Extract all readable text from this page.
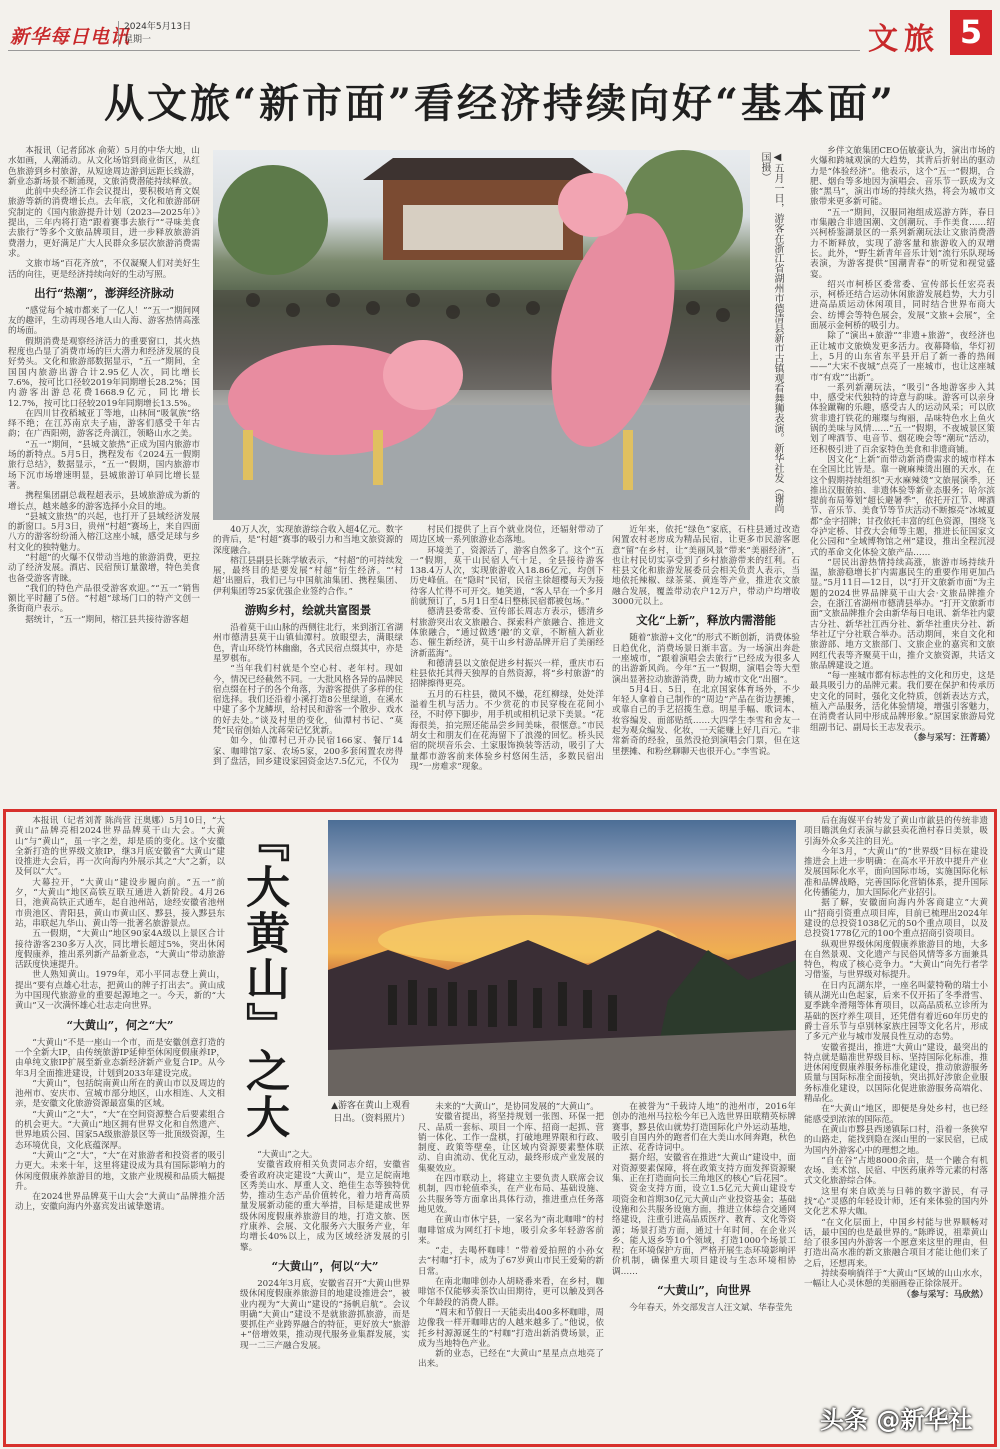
新华每日电讯
2024年5月13日
星期一	文旅 5
从文旅“新市面”看经济持续向好“基本面”
◀五月一日，游客在浙江省湖州市德清县新市古镇观看舞狮表演。新华社发（谢尚国摄）

本报讯（记者邱冰 俞菀）5月的中华大地，山水如画，人潮涌动。从文化场馆到商业街区，从红色旅游到乡村旅游，从短途周边游到远距长线游，新业态新场景不断涌现，文旅消费潜能持续释放。

此前中央经济工作会议提出，要积极培育文娱旅游等新的消费增长点。去年底，文化和旅游部研究制定的《国内旅游提升计划（2023—2025年）》提出，三年内将打造“跟着赛事去旅行”“寻味美食去旅行”等多个文旅品牌项目，进一步释放旅游消费潜力，更好满足广大人民群众多层次旅游消费需求。

文旅市场“百花齐放”，不仅凝聚人们对美好生活的向往，更是经济持续向好的生动写照。

出行“热潮”，澎湃经济脉动

“感觉每个城市都来了一亿人！”“五一”期间网友的趣评，生动再现各地人山人海、游客热情高涨的场面。

假期消费是观察经济活力的重要窗口，其火热程度也凸显了消费市场的巨大潜力和经济发展的良好势头。文化和旅游部数据显示，“五一”期间，全国国内旅游出游合计2.95亿人次，同比增长7.6%，按可比口径较2019年同期增长28.2%；国内游客出游总花费1668.9亿元，同比增长12.7%，按可比口径较2019年同期增长13.5%。

在四川甘孜稻城亚丁等地，山林间“吸氧族”络绎不绝；在江苏南京夫子庙，游客们感受千年古韵；在广西阳朔，游客泛舟漓江，领略山水之美。

“五一”期间，“县城文旅热”正成为国内旅游市场的新特点。5月5日，携程发布《2024五一假期旅行总结》，数据显示，“五一”假期，国内旅游市场下沉市场增速明显，县城旅游订单同比增长显著。

携程集团副总裁程超表示，县域旅游成为新的增长点，越来越多的游客选择小众目的地。

“县城文旅热”的兴起，也打开了县域经济发展的新窗口。5月3日，贵州“村超”赛场上，来自四面八方的游客纷纷涌入榕江这座小城，感受足球与乡村文化的独特魅力。

“村超”的火爆不仅带动当地的旅游消费，更拉动了经济发展。酒店、民宿预订量激增，特色美食也备受游客青睐。

“我们的特色产品很受游客欢迎。”“五一”销售额比平时翻了5倍。“村超”球场门口的特产文创一条街商户表示。

据统计，“五一”期间，榕江县共接待游客超

40万人次，实现旅游综合收入超4亿元。数字的背后，是“村超”赛事的吸引力和当地文旅资源的深度融合。

榕江县副县长陈学敏表示，“村超”的可持续发展，最终目的是要发展“村超”衍生经济。“‘村超’出圈后，我们已与中国航油集团、携程集团、伊利集团等25家优强企业签约合作。”

游购乡村，绘就共富图景

沿着莫干山山脉的西侧往北行，来到浙江省湖州市德清县莫干山镇仙潭村。放眼望去，满眼绿色，青山环绕竹林幽幽，各式民宿点缀其中，亦是星罗棋布。

“当年我们村就是个空心村、老年村。现如今，情况已经截然不同。一大批风格各异的品牌民宿点缀在村子的各个角落，为游客提供了多样的住宿选择。我们还沿着小溪打造8公里绿道，在溪水中建了多个龙鳞坝，给村民和游客一个散步、戏水的好去处。”谈及村里的变化，仙潭村书记、“莫梵”民宿创始人沈蒋荣记忆犹新。

如今，仙潭村已开办民宿166家、餐厅14家、咖啡馆7家、农场5家，200多套闲置农房得到了盘活，回乡建设家园资金达7.5亿元，不仅为

村民们提供了上百个就业岗位，还辐射带动了周边区域一系列旅游业态落地。

环境美了，资源活了，游客自然多了。这个“五一”假期，莫干山民宿人气十足，全县接待游客138.4万人次，实现旅游收入18.86亿元，均创下历史峰值。在“隐时”民宿，民宿主徐超樱每天为接待客人忙得不可开交。她笑道，“客人早在一个多月前就预订了，5月1日至4日整栋民宿都被包场。”

德清县委常委、宣传部长周志方表示，德清乡村旅游突出农文旅融合、探索科产旅融合、推进文体旅融合，“通过做透‘融’的文章，不断植入新业态、催生新经济，莫干山乡村游品牌开启了美丽经济新蓝海”。

和德清县以文旅促进乡村振兴一样，重庆市石柱县依托其得天独厚的自然资源，将“乡村旅游”的招牌擦得更亮。

五月的石柱县，微风不燥，花红柳绿，处处洋溢着生机与活力。不少赏花的市民穿梭在花间小径，不时停下脚步，用手机或相机记录下美景。“花海很美，拍完照还能品尝乡间美味，很惬意。”市民胡女士和朋友们在花海留下了浪漫的回忆。桥头民宿的院坝音乐会、土家服饰换装等活动，吸引了大量都市游客前来体验乡村悠闲生活，多数民宿出现“一房难求”现象。

近年来，依托“绿色”家底，石柱县通过改造闲置农村老房成为精品民宿，让更多市民游客愿意“留”在乡村，让“美丽风景”带来“美丽经济”，也让村民切实享受到了乡村旅游带来的红利。石柱县文化和旅游发展委员会相关负责人表示，当地依托辣椒、绿茶菜、黄连等产业，推进农文旅融合发展，覆盖带动农户12万户，带动户均增收3000元以上。

文化“上新”，释放内需潜能

随着“旅游+文化”的形式不断创新，消费体验日趋优化，消费场景日渐丰富。为一场演出奔赴一座城市，“跟着演唱会去旅行”已经成为很多人的出游新风尚。今年“五一”假期，演唱会等大型演出显著拉动旅游消费，助力城市文化“出圈”。

5月4日、5日，在北京国家体育场外，不少年轻人拿着自己制作的“周边”产品在街边摆摊，或靠自己的手艺招揽生意。明星手幅、歌词本、妆容编发、面部贴纸……大四学生李雪和舍友一起为观众编发、化妆，一天能赚上好几百元。“非常新奇的经验，虽然没抢到演唱会门票，但在这里摆摊、和粉丝聊聊天也很开心。”李雪说。

乡伴文旅集团CEO伍敏豪认为，演出市场的火爆和跨城观演的大趋势，其背后折射出的驱动力是“体验经济”。他表示，这个“五一”假期，合肥、烟台等多地因为演唱会、音乐节一跃成为文旅“黑马”，演出市场的持续火热，将会为城市文旅带来更多新可能。

“五一”期间，汉服同袍组成巡游方阵，春日市集融合非遗国潮、文创潮玩、手作美食……绍兴柯桥鉴湖景区的一系列新潮玩法让文旅消费潜力不断释放，实现了游客量和旅游收入的双增长。此外，“野生新青年音乐计划”流行乐队现场表演，为游客提供“国潮青春”的听觉和视觉盛宴。

绍兴市柯桥区委常委、宣传部长任宏亮表示，柯桥还结合运动休闲旅游发展趋势，大力引进高品质运动休闲项目，同时结合世界布商大会、纺博会等特色展会，发展“文旅+会展”，全面展示金柯桥的吸引力。

除了“演出+旅游”“非遗+旅游”，夜经济也正让城市文旅焕发更多活力。夜幕降临，华灯初上，5月的山东省东平县开启了新一番的热闹——“大宋不夜城”点亮了一座城市，也让这座城市“有戏”“出新”。

一系列新潮玩法，“吸引”各地游客步入其中，感受宋代独特的诗意与韵味。游客可以亲身体验蹴鞠的乐趣，感受古人的运动风采；可以欣赏非遗打铁花的璀璨与绚丽，品味特色水上鱼火锅的美味与风情……“五一”假期，不夜城景区策划了啤酒节、电音节、烟花晚会等“潮玩”活动，还积极引进了百余家特色美食和非遗商铺。

因文化“上新”而带动新消费需求的城市样本在全国比比皆是。靠一碗麻辣烫出圈的天水，在这个假期持续组织“天水麻辣烫”文旅展演季，还推出汉服旅拍、非遗体验等新业态服务；哈尔滨提前布局筹划“超长避暑季”，依托开江节、啤酒节、音乐节、美食节等节庆活动不断擦亮“冰城夏都”金字招牌；甘孜依托丰富的红色资源，围绕飞夺泸定桥、甘孜大会师等主题，推进长征国家文化公园和“全域博物馆之州”建设，推出全程沉浸式的革命文化体验文旅产品……

“居民出游热情持续高涨，旅游市场持续升温，旅游稳增长扩内需惠民生的重要作用更加凸显。”5月11日—12日，以“打开文旅新市面”为主题的2024世界品牌莫干山大会·文旅品牌推介会，在浙江省湖州市德清县举办。“打开文旅新市面”文旅品牌推介会由新华每日电讯、新华社内蒙古分社、新华社江西分社、新华社重庆分社、新华社辽宁分社联合举办。活动期间，来自文化和旅游部、地方文旅部门、文旅企业的嘉宾和文旅网红代表等齐聚莫干山，推介文旅资源，共话文旅品牌建设之道。

“每一座城市都有标志性的文化和历史，这是最具吸引力的品牌元素。我们要在保护和传承历史文化的同时，强化文化特质，创新表达方式，植入产品服务，活化体验情境，增强引客魅力，在消费者认同中形成品牌形象。”原国家旅游局党组副书记、副局长王志发表示。

（参与采写：汪菁璐）

『大黄山』之大	▲游客在黄山上观看日出。（资料照片）

本报讯（记者刘菁 陈尚营 汪奥娜）5月10日，“大黄山”品牌亮相2024世界品牌莫干山大会。“大黄山”与“黄山”，虽一字之差，却是质的变化。这个安徽全新打造的世界级文旅IP，继3月底安徽省“大黄山”建设推进大会后，再一次向海内外展示其之“大”之新，以及何以“大”。

大幕拉开，“大黄山”建设步履向前。“五一”前夕，“大黄山”地区高铁互联互通进入新阶段。4月26日，池黄高铁正式通车，起自池州站，途经安徽省池州市贵池区、青阳县，黄山市黄山区、黟县，接入黟县东站，串联起九华山、黄山等一批著名旅游景点。

五一假期，“大黄山”地区90家4A级以上景区合计接待游客230多万人次，同比增长超过5%，突出休闲度假康养，推出系列新产品新业态，“大黄山”带动旅游活跃度快速提升。

世人熟知黄山。1979年，邓小平同志登上黄山，提出“要有点雄心壮志，把黄山的牌子打出去”。黄山成为中国现代旅游业的重要起源地之一。今天，新的“大黄山”又一次满怀雄心壮志走向世界。

“大黄山”，何之“大”

“大黄山”不是一座山一个市，而是安徽创意打造的一个全新大IP，由传统旅游IP延伸至休闲度假康养IP，由单纯文旅IP扩展至新业态新经济新产业复合IP。从今年3月全面推进建设，计划到2033年建设完成。

“大黄山”，包括皖南黄山所在的黄山市以及周边的池州市、安庆市、宣城市部分地区，山水相连、人文相亲，是安徽文化旅游资源最富集的区域。

“大黄山”之“大”，“大”在空间资源整合后要素组合的机会更大。“大黄山”地区拥有世界文化和自然遗产、世界地质公园、国家5A级旅游景区等一批顶级资源，生态环境优良，文化底蕴深厚。

“大黄山”之“大”，“大”在对旅游者和投资者的吸引力更大。未来十年，这里将建设成为具有国际影响力的休闲度假康养旅游目的地，文旅产业规模和品质大幅提升。

在2024世界品牌莫干山大会“大黄山”品牌推介活动上，安徽向海内外嘉宾发出诚挚邀请。

“大黄山”之大。

安徽省政府相关负责同志介绍，安徽省委省政府决定建设“大黄山”，是立足皖南地区秀美山水、厚重人文、绝佳生态等独特优势，推动生态产品价值转化，着力培育高质量发展新动能的重大举措，目标是建成世界级休闲度假康养旅游目的地，打造文旅、医疗康养、会展、文化服务六大服务产业，年均增长40%以上，成为区域经济发展的引擎。

“大黄山”，何以“大”

2024年3月底，安徽省召开“大黄山世界级休闲度假康养旅游目的地建设推进会”，被业内视为“大黄山”建设的“扬帆启航”。会议明确“大黄山”建设不是就旅游抓旅游，而是要抓住产业跨界融合的特征，更好放大“旅游+”倍增效果，推动现代服务业集群发展，实现一二三产融合发展。

未来的“大黄山”，是协同发展的“大黄山”。

安徽省提出，将坚持规划一张图、环保一把尺、品质一套标、项目一个库、招商一起抓、营销一体化、工作一盘棋，打破地理界限和行政、制度、政策等壁垒，让区域内资源要素整体联动、自由流动、优化互动，最终形成产业发展的集聚效应。

在四市联动上，将建立主要负责人联席会议机制，四市轮值牵头，在产业布局、基础设施、公共服务等方面拿出具体行动，推进重点任务落地见效。

在黄山市休宁县，一家名为“南北咖啡”的村咖啡馆成为网红打卡地，吸引众多年轻游客前来。

“走，去喝杯咖啡！”带着爱拍照的小孙女去“村咖”打卡，成为了67岁黄山市民王爱菊的新日常。

在南北咖啡创办人胡晓番来看，在乡村，咖啡馆不仅能够卖茶饮山田期待，更可以触及到各个年龄段的消费人群。

“周末和节假日一天能卖出400多杯咖啡，周边像我一样开咖啡店的人越来越多了。”他说，依托乡村源源诞生的“村咖”打造出新消费场景，正成为当地特色产业。

新的业态，已经在“大黄山”星星点点地亮了出来。

在被誉为“千载诗人地”的池州市，2016年创办的池州马拉松今年已入选世界田联精英标牌赛事，黟县依山就势打造国际化户外运动基地，吸引自国内外的跑者们在大美山水间奔跑，秋色正浓、花香诗词中。

据介绍，安徽省在推进“大黄山”建设中，面对资源要素保障，将在政策支持方面发挥资源聚集、正在打造面向长三角地区的核心“后花园”。

资金支持方面，设立1.5亿元大黄山建设专项资金和首期30亿元大黄山产业投资基金；基础设施和公共服务设施方面，推进立体综合交通网络建设，注重引进高品质医疗、教育、文化等资源；场景打造方面，通过十年时间，在企业兴乡、能人返乡等10个领域，打造1000个场景工程；在环境保护方面，严格开展生态环境影响评价机制，确保重大项目建设与生态环境相协调……

“大黄山”，向世界

今年春天，外交部发言人汪文斌、华春莹先

后在海媒平台转发了黄山市歙县的传统非遗项目瞻淇鱼灯表演与歙县卖花渔村春日美景，吸引海外众多关注的目光。

今年3月，“大黄山”的“世界级”目标在建设推进会上进一步明确：在高水平开放中提升产业发展国际化水平，面向国际市场，实施国际化标准和品牌战略，完善国际化营销体系，提升国际化传播能力，加大国际化产业招引。

据了解，安徽面向海内外客商建立“大黄山”招商引资重点项目库，目前已梳理出2024年建设的总投资1038亿元的50个重点项目，以及总投资1778亿元的100个重点招商引资项目。

纵观世界级休闲度假康养旅游目的地，大多在自然景观、文化遗产与民俗风情等多方面兼具特色，构成了核心竞争力。“大黄山”向先行者学习借鉴，与世界级对标提升。

在日内瓦湖东岸，一座名叫蒙特勒的瑞士小镇从湖光山色起家，后来不仅开拓了冬季滑雪、夏季跳伞滑翔等体育项目，以高品质私立诊所为基础的医疗养生项目，还凭借有着近60年历史的爵士音乐节与卓别林家族庄园等文化名片，形成了多元产业与城市发展良性互动的态势。

安徽省提出，推进“大黄山”建设，最突出的特点就是瞄准世界级目标、坚持国际化标准，推进休闲度假康养服务标准化建设，推动旅游服务质量与国际标准全面接轨，突出抓好涉旅企业服务标准化建设，以国际化促进旅游服务高端化、精品化。

在“大黄山”地区，即便是身处乡村，也已经能感受到浓浓的国际范。

在黄山市黟县西递镇际口村，沿着一条狭窄的山路走，能找到隐在深山里的一家民宿，已成为国内外游客心中的理想之地。

“自在谷”占地8000余亩，是一个融合有机农场、美术馆、民宿、中医药康养等元素的村落式文化旅游综合体。

这里有来自欧美与日韩的数字游民，有寻找“心”灵感的年轻设计师，还有来体验的国内外文化艺术界大咖。

“在文化层面上，中国乡村能与世界顺畅对话，最中国的也是最世界的。”陈晔说，祖辈黄山给了很多国内外游客一个愿意来这里的理由，但打造出高水准的新文旅融合项目才能让他们来了之后，还想再来。

持续奏响徜徉于“大黄山”区域的山山水水，一幅让人心灵休憩的美丽画卷正徐徐展开。

（参与采写：马欣然）

头条 @新华社
